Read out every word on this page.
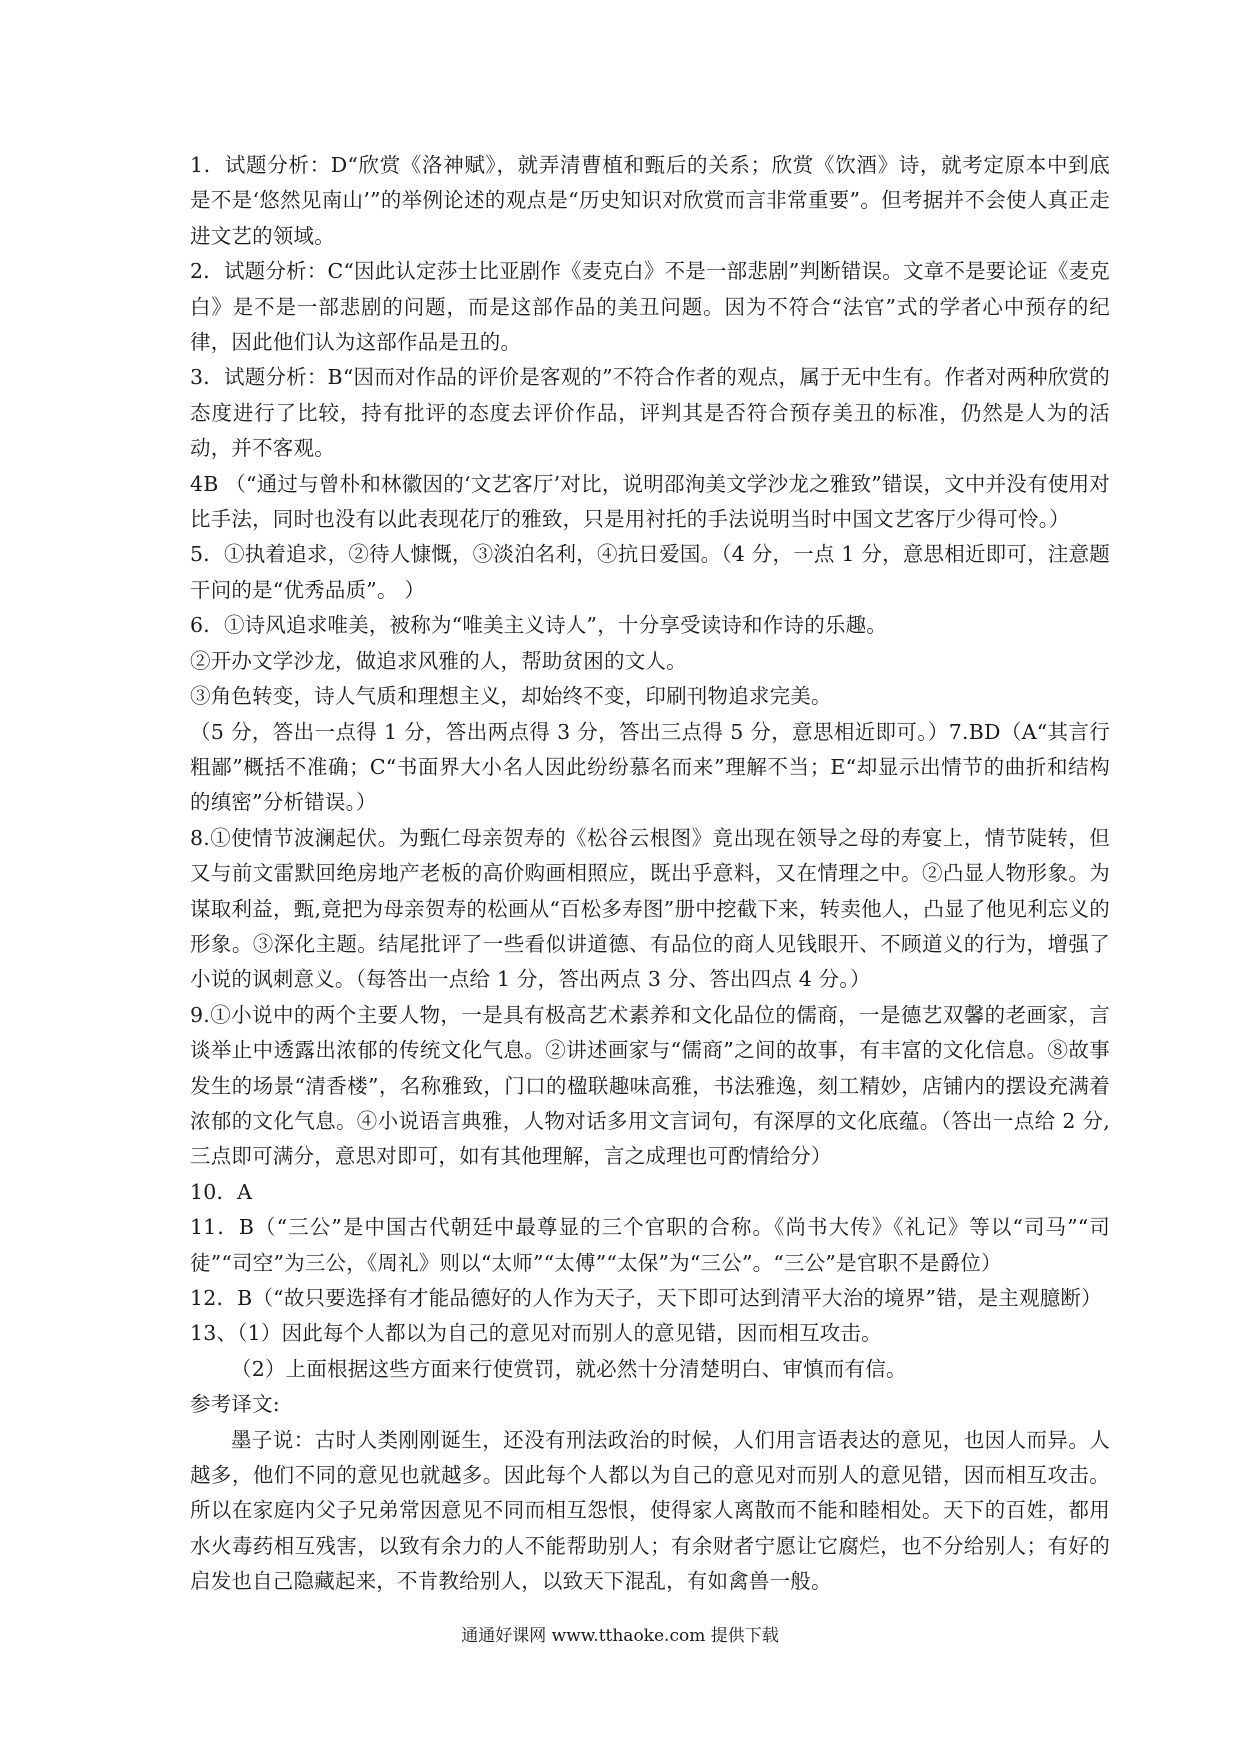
1．试题分析：D“欣赏《洛神赋》，就弄清曹植和甄后的关系；欣赏《饮酒》诗，就考定原本中到底是不是‘悠然见南山’”的举例论述的观点是“历史知识对欣赏而言非常重要”。但考据并不会使人真正走进文艺的领域。

2．试题分析：C“因此认定莎士比亚剧作《麦克白》不是一部悲剧”判断错误。文章不是要论证《麦克白》是不是一部悲剧的问题，而是这部作品的美丑问题。因为不符合“法官”式的学者心中预存的纪律，因此他们认为这部作品是丑的。

3．试题分析：B“因而对作品的评价是客观的”不符合作者的观点，属于无中生有。作者对两种欣赏的态度进行了比较，持有批评的态度去评价作品，评判其是否符合预存美丑的标准，仍然是人为的活动，并不客观。

4B （“通过与曾朴和林徽因的‘文艺客厅’对比，说明邵洵美文学沙龙之雅致”错误，文中并没有使用对比手法，同时也没有以此表现花厅的雅致，只是用衬托的手法说明当时中国文艺客厅少得可怜。）

5．①执着追求，②待人慷慨，③淡泊名利，④抗日爱国。（4 分，一点 1 分，意思相近即可，注意题干问的是“优秀品质”。 ）

6．①诗风追求唯美，被称为“唯美主义诗人”，十分享受读诗和作诗的乐趣。

②开办文学沙龙，做追求风雅的人，帮助贫困的文人。

③角色转变，诗人气质和理想主义，却始终不变，印刷刊物追求完美。

（5 分，答出一点得 1 分，答出两点得 3 分，答出三点得 5 分，意思相近即可。）7.BD（A“其言行粗鄙”概括不准确；C“书面界大小名人因此纷纷慕名而来”理解不当；E“却显示出情节的曲折和结构的缜密”分析错误。）

8.①使情节波澜起伏。为甄仁母亲贺寿的《松谷云根图》竟出现在领导之母的寿宴上，情节陡转，但又与前文雷默回绝房地产老板的高价购画相照应，既出乎意料，又在情理之中。②凸显人物形象。为谋取利益，甄,竟把为母亲贺寿的松画从“百松多寿图”册中挖截下来，转卖他人，凸显了他见利忘义的形象。③深化主题。结尾批评了一些看似讲道德、有品位的商人见钱眼开、不顾道义的行为，增强了小说的讽刺意义。（每答出一点给 1 分，答出两点 3 分、答出四点 4 分。）

9.①小说中的两个主要人物，一是具有极高艺术素养和文化品位的儒商，一是德艺双馨的老画家，言谈举止中透露出浓郁的传统文化气息。②讲述画家与“儒商”之间的故事，有丰富的文化信息。⑧故事发生的场景“清香楼”，名称雅致，门口的楹联趣味高雅，书法雅逸，刻工精妙，店铺内的摆设充满着浓郁的文化气息。④小说语言典雅，人物对话多用文言词句，有深厚的文化底蕴。（答出一点给 2 分,三点即可满分，意思对即可，如有其他理解，言之成理也可酌情给分）

10．A

11．B（“三公”是中国古代朝廷中最尊显的三个官职的合称。《尚书大传》《礼记》等以“司马”“司徒”“司空”为三公，《周礼》则以“太师”“太傅”“太保”为“三公”。“三公”是官职不是爵位）

12．B（“故只要选择有才能品德好的人作为天子，天下即可达到清平大治的境界”错，是主观臆断）

13、（1）因此每个人都以为自己的意见对而别人的意见错，因而相互攻击。

（2）上面根据这些方面来行使赏罚，就必然十分清楚明白、审慎而有信。

参考译文:

墨子说：古时人类刚刚诞生，还没有刑法政治的时候，人们用言语表达的意见，也因人而异。人越多，他们不同的意见也就越多。因此每个人都以为自己的意见对而别人的意见错，因而相互攻击。所以在家庭内父子兄弟常因意见不同而相互怨恨，使得家人离散而不能和睦相处。天下的百姓，都用水火毒药相互残害，以致有余力的人不能帮助别人；有余财者宁愿让它腐烂，也不分给别人；有好的启发也自己隐藏起来，不肯教给别人，以致天下混乱，有如禽兽一般。

通通好课网 www.tthaoke.com 提供下载
